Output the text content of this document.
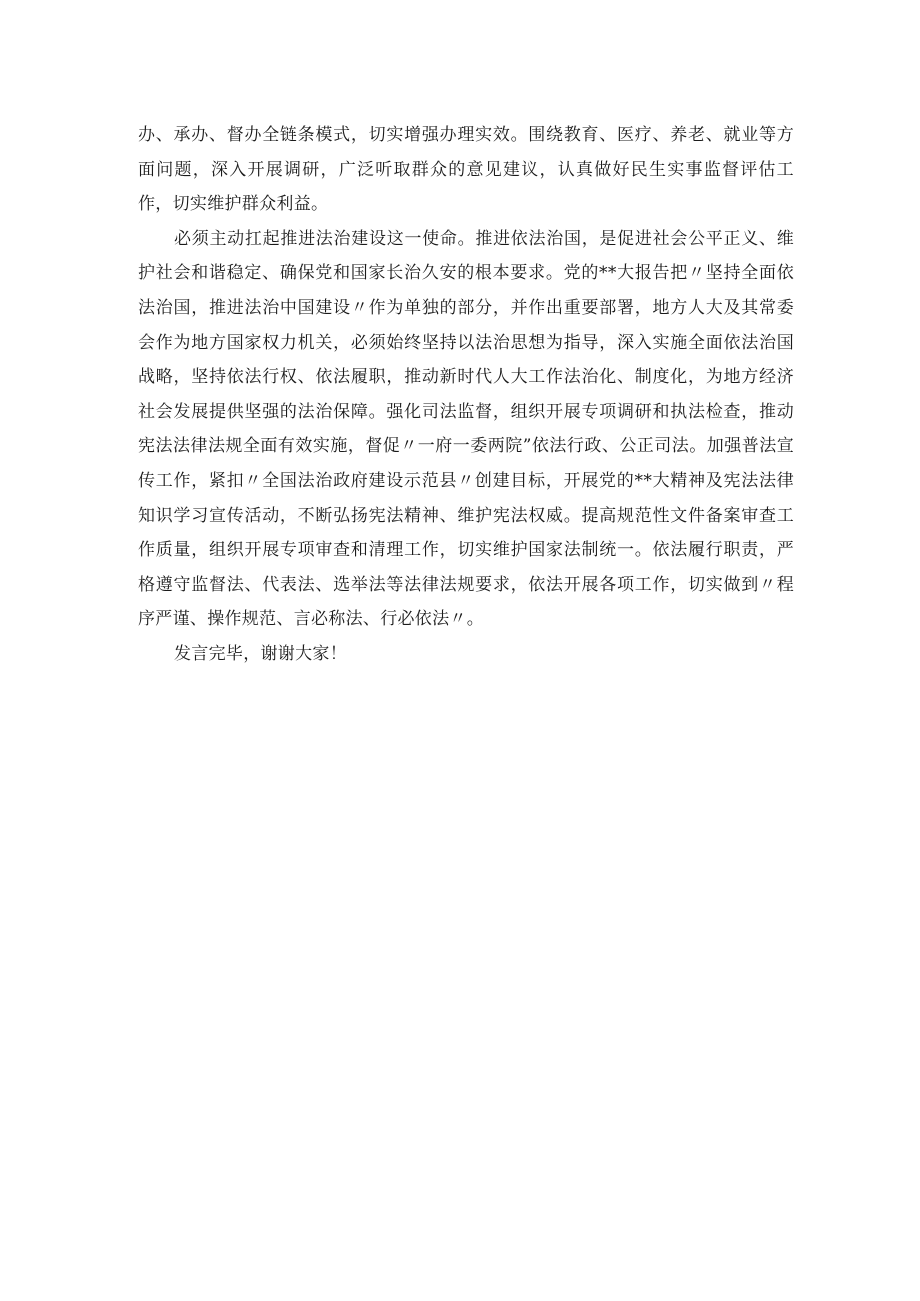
办、承办、督办全链条模式，切实增强办理实效。围绕教育、医疗、养老、就业等方面问题，深入开展调研，广泛听取群众的意见建议，认真做好民生实事监督评估工作，切实维护群众利益。

必须主动扛起推进法治建设这一使命。推进依法治国，是促进社会公平正义、维护社会和谐稳定、确保党和国家长治久安的根本要求。党的**大报告把〃坚持全面依法治国，推进法治中国建设〃作为单独的部分，并作出重要部署，地方人大及其常委会作为地方国家权力机关，必须始终坚持以法治思想为指导，深入实施全面依法治国战略，坚持依法行权、依法履职，推动新时代人大工作法治化、制度化，为地方经济社会发展提供坚强的法治保障。强化司法监督，组织开展专项调研和执法检查，推动宪法法律法规全面有效实施，督促〃一府一委两院”依法行政、公正司法。加强普法宣传工作，紧扣〃全国法治政府建设示范县〃创建目标，开展党的**大精神及宪法法律知识学习宣传活动，不断弘扬宪法精神、维护宪法权威。提高规范性文件备案审查工作质量，组织开展专项审查和清理工作，切实维护国家法制统一。依法履行职责，严格遵守监督法、代表法、选举法等法律法规要求，依法开展各项工作，切实做到〃程序严谨、操作规范、言必称法、行必依法〃。

发言完毕，谢谢大家！
